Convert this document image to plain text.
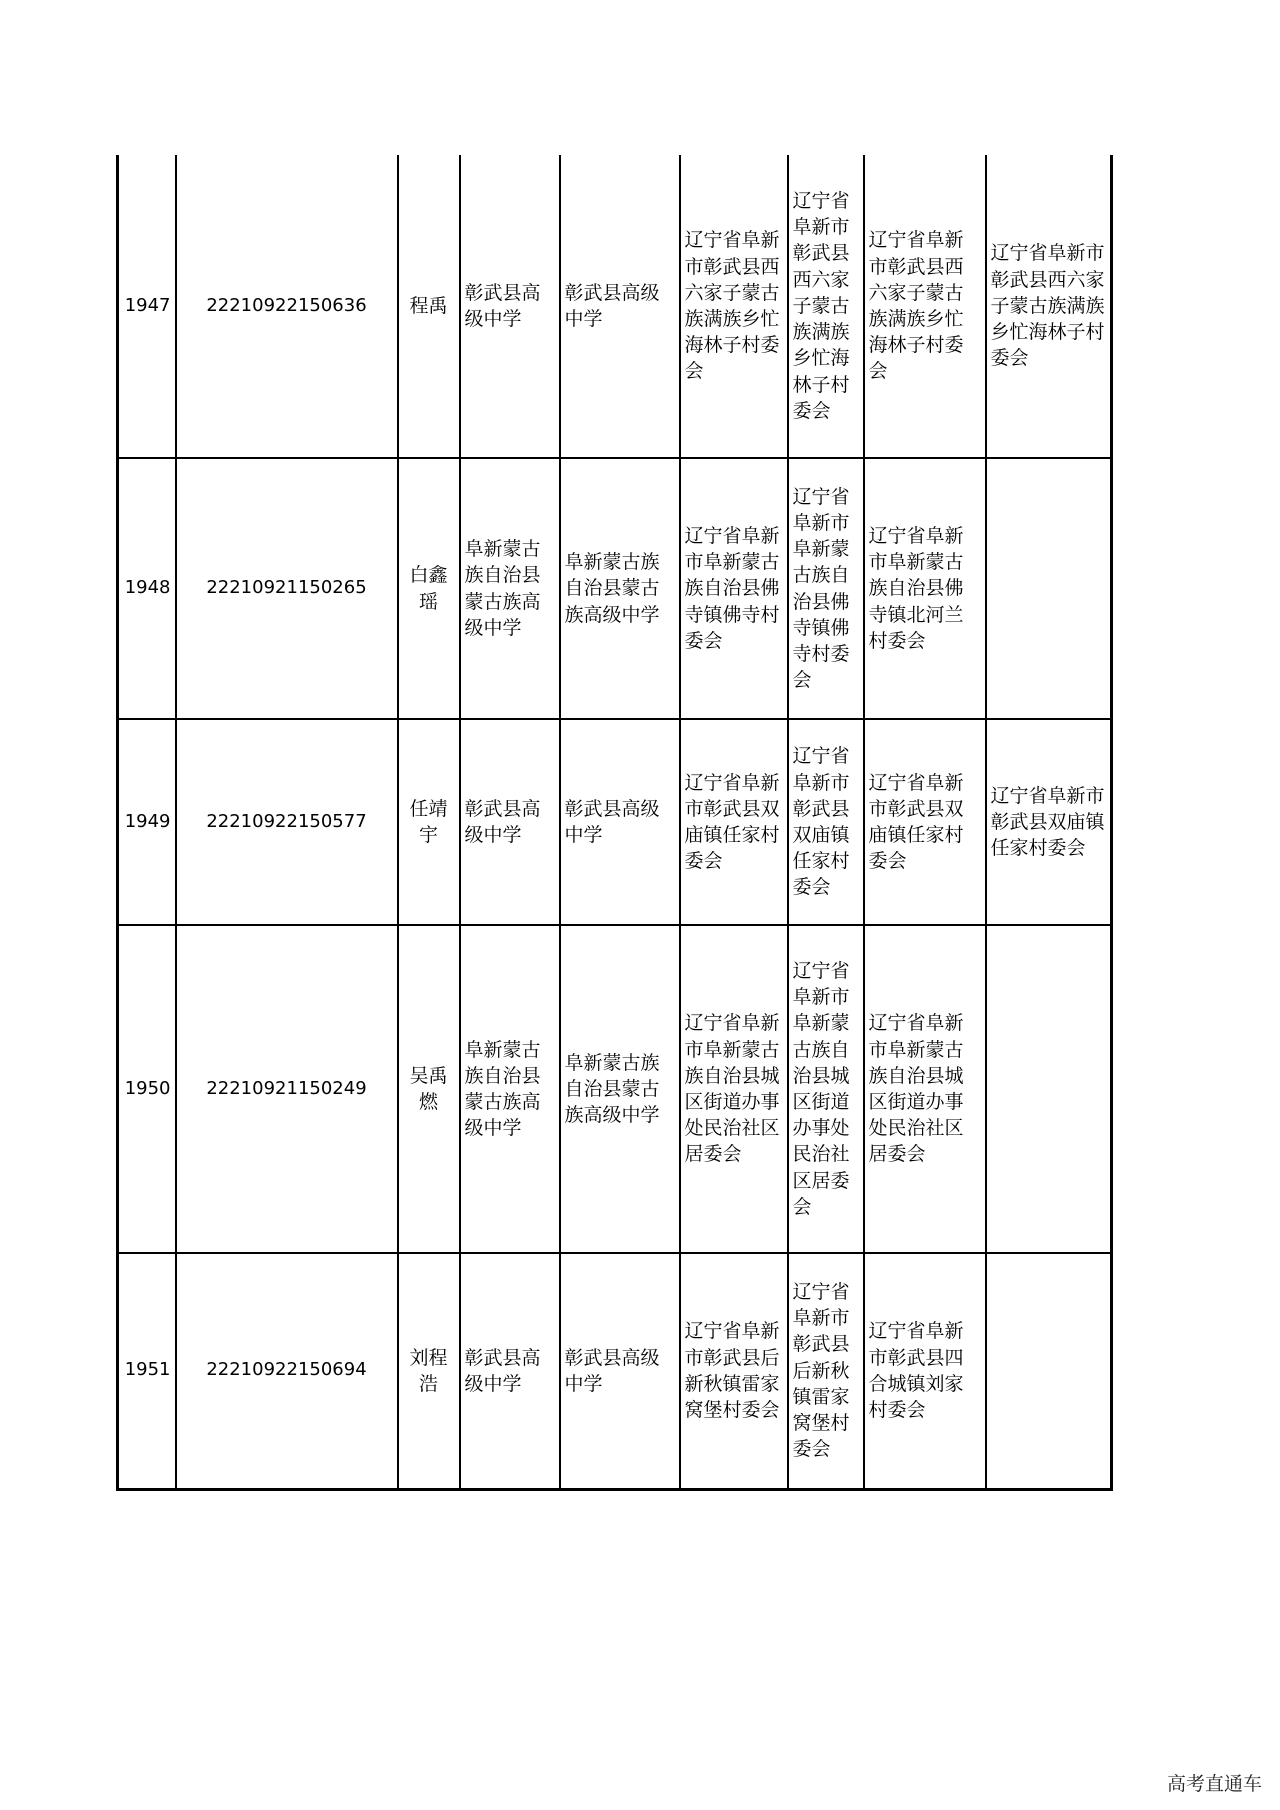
1947	22210922150636	程禹	彰武县高级中学	彰武县高级中学	辽宁省阜新市彰武县西六家子蒙古族满族乡忙海林子村委会	辽宁省阜新市彰武县西六家子蒙古族满族乡忙海林子村委会	辽宁省阜新市彰武县西六家子蒙古族满族乡忙海林子村委会	辽宁省阜新市彰武县西六家子蒙古族满族乡忙海林子村委会
1948	22210921150265	白鑫瑶	阜新蒙古族自治县蒙古族高级中学	阜新蒙古族自治县蒙古族高级中学	辽宁省阜新市阜新蒙古族自治县佛寺镇佛寺村委会	辽宁省阜新市阜新蒙古族自治县佛寺镇佛寺村委会	辽宁省阜新市阜新蒙古族自治县佛寺镇北河兰村委会	
1949	22210922150577	任靖宇	彰武县高级中学	彰武县高级中学	辽宁省阜新市彰武县双庙镇任家村委会	辽宁省阜新市彰武县双庙镇任家村委会	辽宁省阜新市彰武县双庙镇任家村委会	辽宁省阜新市彰武县双庙镇任家村委会
1950	22210921150249	吴禹燃	阜新蒙古族自治县蒙古族高级中学	阜新蒙古族自治县蒙古族高级中学	辽宁省阜新市阜新蒙古族自治县城区街道办事处民治社区居委会	辽宁省阜新市阜新蒙古族自治县城区街道办事处民治社区居委会	辽宁省阜新市阜新蒙古族自治县城区街道办事处民治社区居委会	
1951	22210922150694	刘程浩	彰武县高级中学	彰武县高级中学	辽宁省阜新市彰武县后新秋镇雷家窝堡村委会	辽宁省阜新市彰武县后新秋镇雷家窝堡村委会	辽宁省阜新市彰武县四合城镇刘家村委会	
高考直通车
